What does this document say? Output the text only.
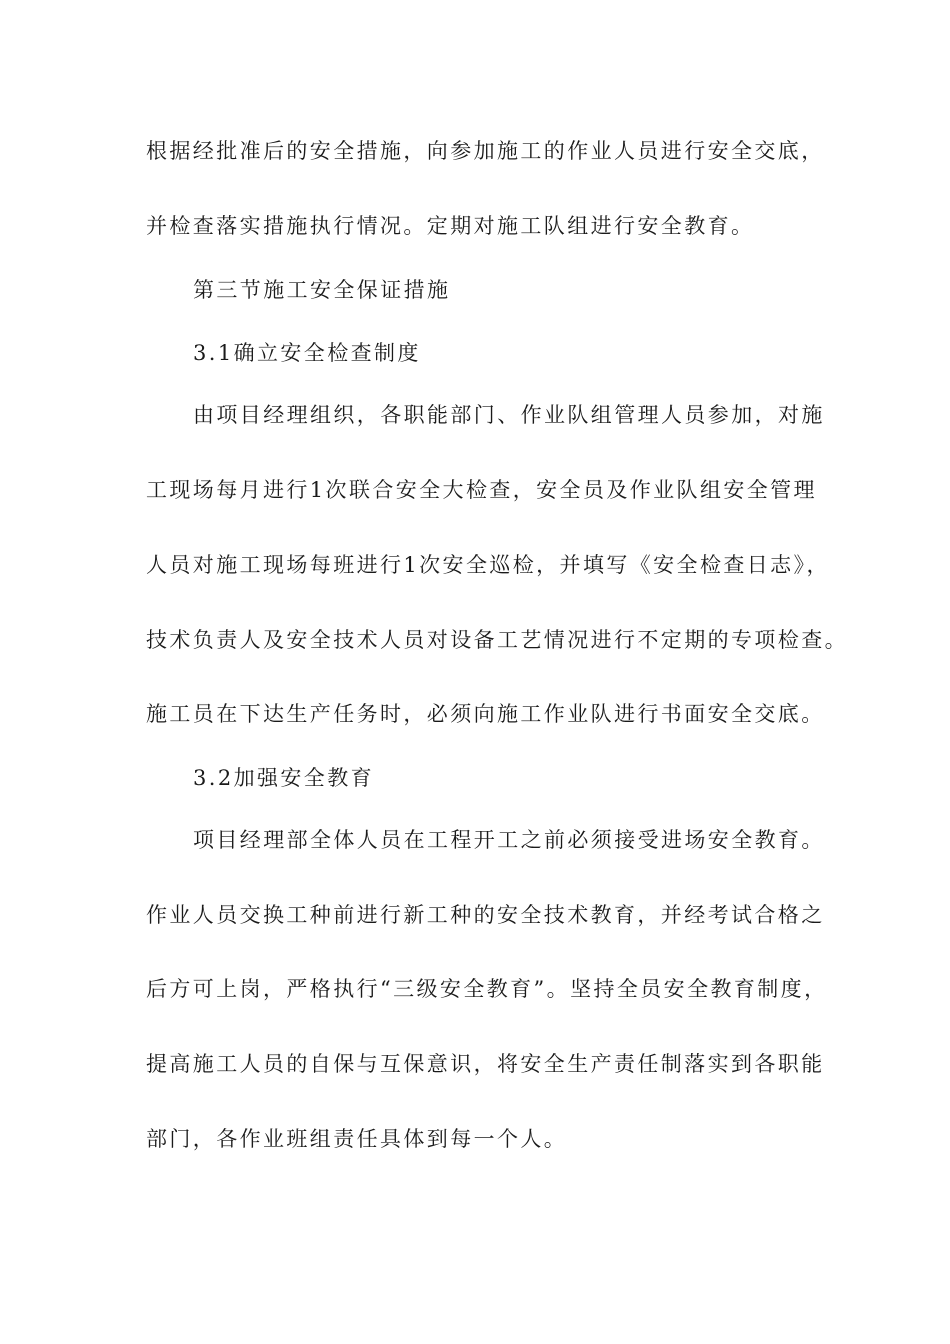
根据经批准后的安全措施，向参加施工的作业人员进行安全交底，
并检查落实措施执行情况。定期对施工队组进行安全教育。
第三节施工安全保证措施
3.1确立安全检查制度
由项目经理组织，各职能部门、作业队组管理人员参加，对施
工现场每月进行1次联合安全大检查，安全员及作业队组安全管理
人员对施工现场每班进行1次安全巡检，并填写《安全检查日志》，
技术负责人及安全技术人员对设备工艺情况进行不定期的专项检查。
施工员在下达生产任务时，必须向施工作业队进行书面安全交底。
3.2加强安全教育
项目经理部全体人员在工程开工之前必须接受进场安全教育。
作业人员交换工种前进行新工种的安全技术教育，并经考试合格之
后方可上岗，严格执行“三级安全教育”。坚持全员安全教育制度，
提高施工人员的自保与互保意识，将安全生产责任制落实到各职能
部门，各作业班组责任具体到每一个人。
